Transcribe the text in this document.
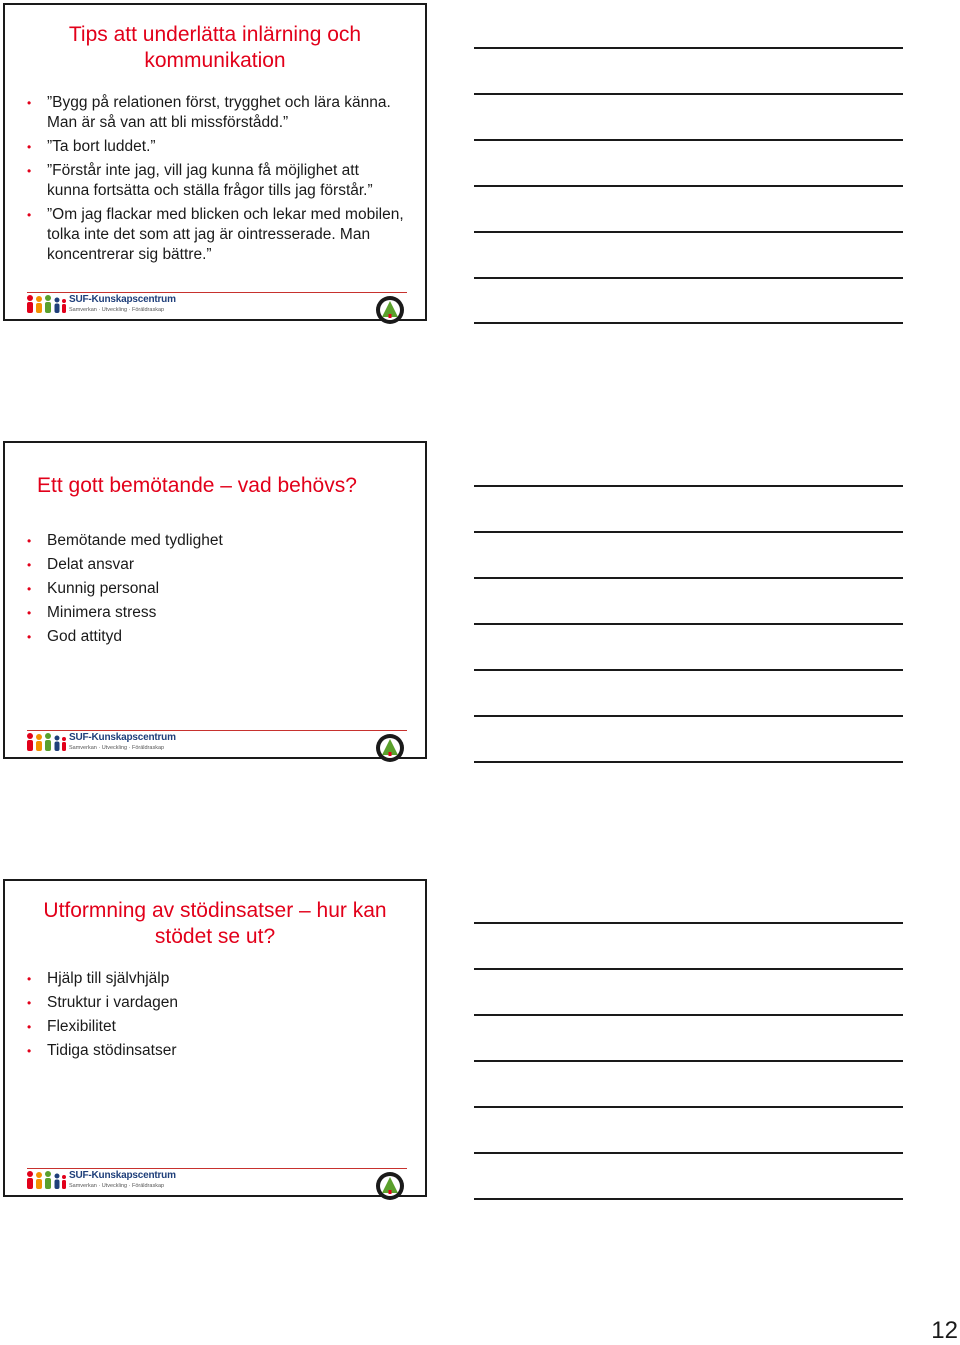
Tips att underlätta inlärning och kommunikation
• ”Bygg på relationen först, trygghet och lära känna. Man är så van att bli missförstådd.”
• ”Ta bort luddet.”
• ”Förstår inte jag, vill jag kunna få möjlighet att kunna fortsätta och ställa frågor tills jag förstår.”
• ”Om jag flackar med blicken och lekar med mobilen, tolka inte det som att jag är ointresserade. Man koncentrerar sig bättre.”
SUF-Kunskapscentrum
Samverkan · Utveckling · Föräldraskap
Ett gott bemötande – vad behövs?
• Bemötande med tydlighet
• Delat ansvar
• Kunnig personal
• Minimera stress
• God attityd
SUF-Kunskapscentrum
Samverkan · Utveckling · Föräldraskap
Utformning av stödinsatser – hur kan stödet se ut?
• Hjälp till självhjälp
• Struktur i vardagen
• Flexibilitet
• Tidiga stödinsatser
SUF-Kunskapscentrum
Samverkan · Utveckling · Föräldraskap
12
